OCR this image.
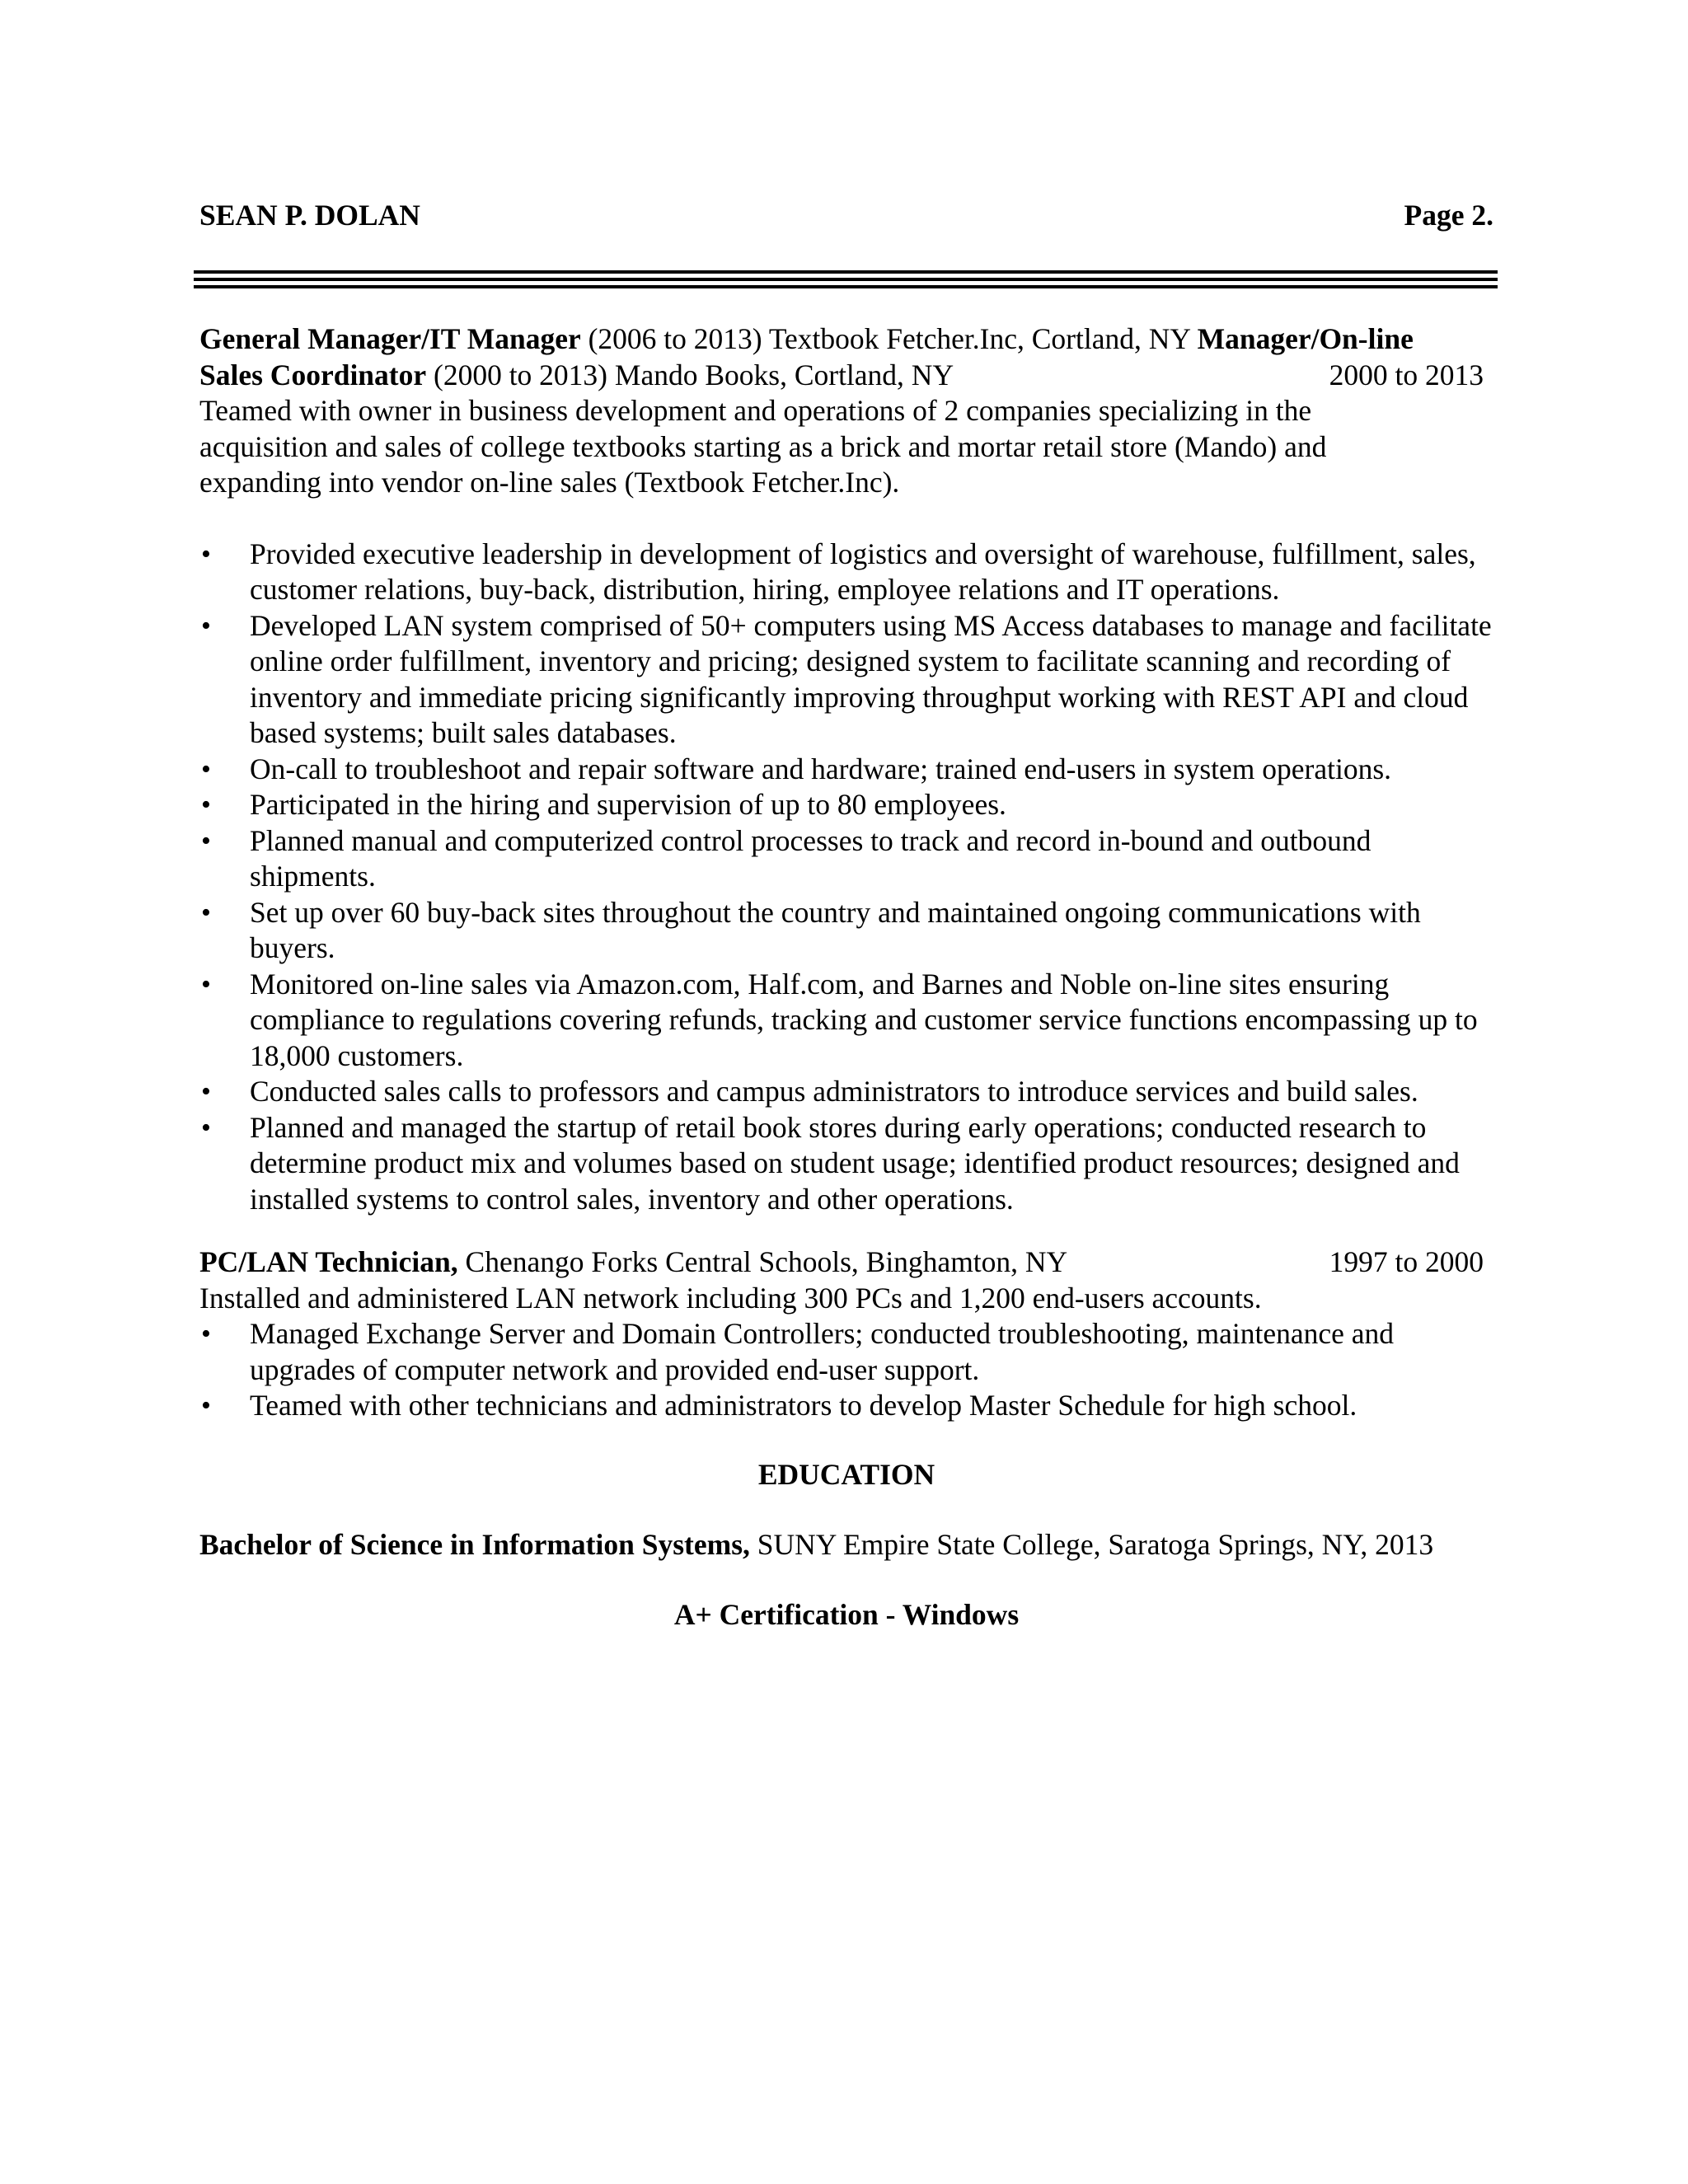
SEAN P. DOLAN	Page 2.
General Manager/IT Manager (2006 to 2013) Textbook Fetcher.Inc, Cortland, NY Manager/On-line
Sales Coordinator (2000 to 2013) Mando Books, Cortland, NY	2000 to 2013
Teamed with owner in business development and operations of 2 companies specializing in the acquisition and sales of college textbooks starting as a brick and mortar retail store (Mando) and expanding into vendor on-line sales (Textbook Fetcher.Inc).
• Provided executive leadership in development of logistics and oversight of warehouse, fulfillment, sales, customer relations, buy-back, distribution, hiring, employee relations and IT operations.
• Developed LAN system comprised of 50+ computers using MS Access databases to manage and facilitate online order fulfillment, inventory and pricing; designed system to facilitate scanning and recording of inventory and immediate pricing significantly improving throughput working with REST API and cloud based systems; built sales databases.
• On-call to troubleshoot and repair software and hardware; trained end-users in system operations.
• Participated in the hiring and supervision of up to 80 employees.
• Planned manual and computerized control processes to track and record in-bound and outbound shipments.
• Set up over 60 buy-back sites throughout the country and maintained ongoing communications with buyers.
• Monitored on-line sales via Amazon.com, Half.com, and Barnes and Noble on-line sites ensuring compliance to regulations covering refunds, tracking and customer service functions encompassing up to 18,000 customers.
• Conducted sales calls to professors and campus administrators to introduce services and build sales.
• Planned and managed the startup of retail book stores during early operations; conducted research to determine product mix and volumes based on student usage; identified product resources; designed and installed systems to control sales, inventory and other operations.
PC/LAN Technician, Chenango Forks Central Schools, Binghamton, NY	1997 to 2000
Installed and administered LAN network including 300 PCs and 1,200 end-users accounts.
• Managed Exchange Server and Domain Controllers; conducted troubleshooting, maintenance and upgrades of computer network and provided end-user support.
• Teamed with other technicians and administrators to develop Master Schedule for high school.
EDUCATION
Bachelor of Science in Information Systems, SUNY Empire State College, Saratoga Springs, NY, 2013
A+ Certification - Windows
